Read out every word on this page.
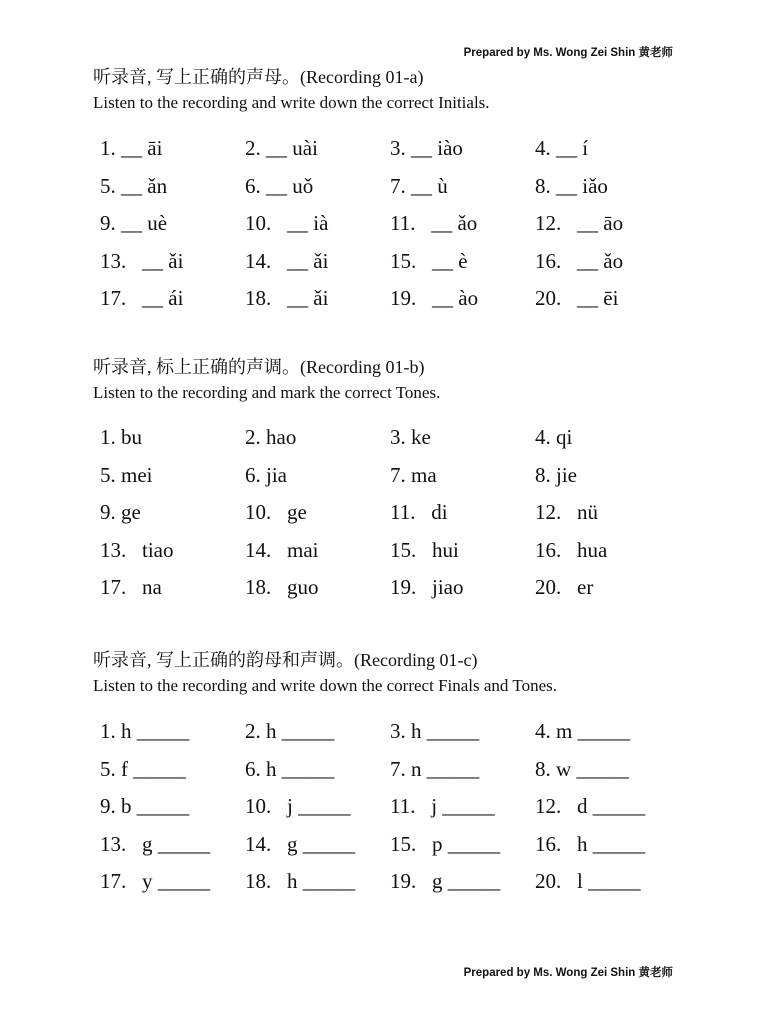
Prepared by Ms. Wong Zei Shin 黄老师
听录音, 写上正确的声母。(Recording 01-a)
Listen to the recording and write down the correct Initials.
1. __ āi	2. __ uài	3. __ iào	4. __ í
5. __ ǎn	6. __ uǒ	7. __ ù	8. __ iǎo
9. __ uè	10.   __ ià	11.   __ ǎo	12.   __ āo
13.   __ ǎi	14.   __ ǎi	15.   __ è	16.   __ ǎo
17.   __ ái	18.   __ ǎi	19.   __ ào	20.   __ ēi
听录音, 标上正确的声调。(Recording 01-b)
Listen to the recording and mark the correct Tones.
1. bu	2. hao	3. ke	4. qi
5. mei	6. jia	7. ma	8. jie
9. ge	10.   ge	11.   di	12.   nü
13.   tiao	14.   mai	15.   hui	16.   hua
17.   na	18.   guo	19.   jiao	20.   er
听录音, 写上正确的韵母和声调。(Recording 01-c)
Listen to the recording and write down the correct Finals and Tones.
1. h _____	2. h _____	3. h _____	4. m _____
5. f _____	6. h _____	7. n _____	8. w _____
9. b _____	10.   j _____	11.   j _____	12.   d _____
13.   g _____	14.   g _____	15.   p _____	16.   h _____
17.   y _____	18.   h _____	19.   g _____	20.   l _____
Prepared by Ms. Wong Zei Shin 黄老师
